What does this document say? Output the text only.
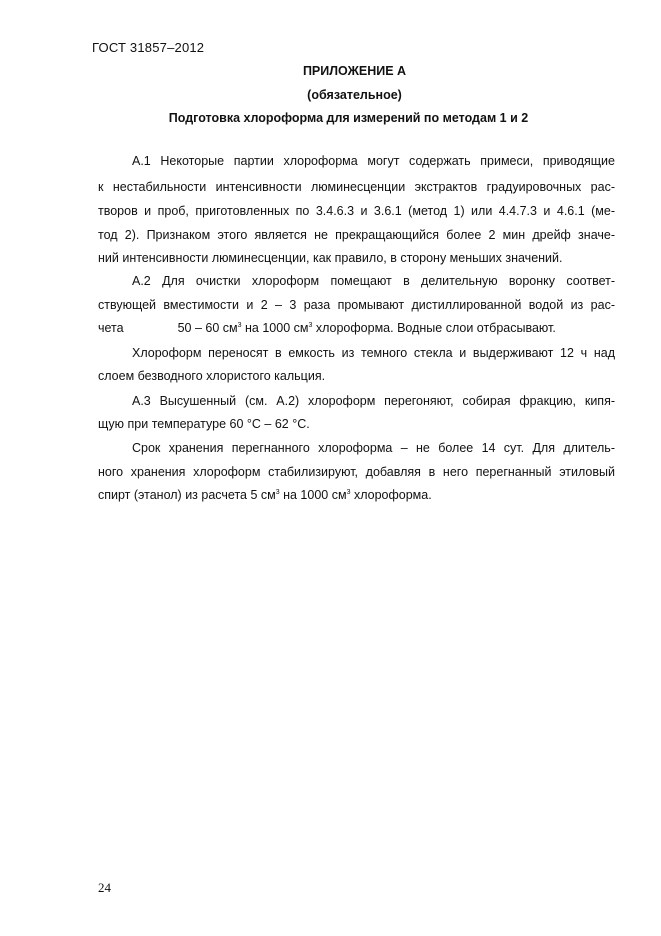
ГОСТ 31857–2012
ПРИЛОЖЕНИЕ А
(обязательное)
Подготовка хлороформа для измерений по методам 1 и 2
А.1 Некоторые партии хлороформа могут содержать примеси, приводящие
к нестабильности интенсивности люминесценции экстрактов градуировочных рас-
творов и проб, приготовленных по 3.4.6.3 и 3.6.1 (метод 1) или 4.4.7.3 и 4.6.1 (ме-
тод 2). Признаком этого является не прекращающийся более 2 мин дрейф значе-
ний интенсивности люминесценции, как правило, в сторону меньших значений.
А.2 Для очистки хлороформ помещают в делительную воронку соответ-
ствующей вместимости и 2 – 3 раза промывают дистиллированной водой из рас-
чета	50 – 60 $см^3$ на 1000 $см^3$ хлороформа. Водные слои отбрасывают.
Хлороформ переносят в емкость из темного стекла и выдерживают 12 ч над
слоем безводного хлористого кальция.
А.3 Высушенный (см. А.2) хлороформ перегоняют, собирая фракцию, кипя-
щую при температуре 60 °С – 62 °С.
Срок хранения перегнанного хлороформа – не более 14 сут. Для длитель-
ного хранения хлороформ стабилизируют, добавляя в него перегнанный этиловый
спирт (этанол) из расчета 5 $см^3$ на 1000 $см^3$ хлороформа.
24
